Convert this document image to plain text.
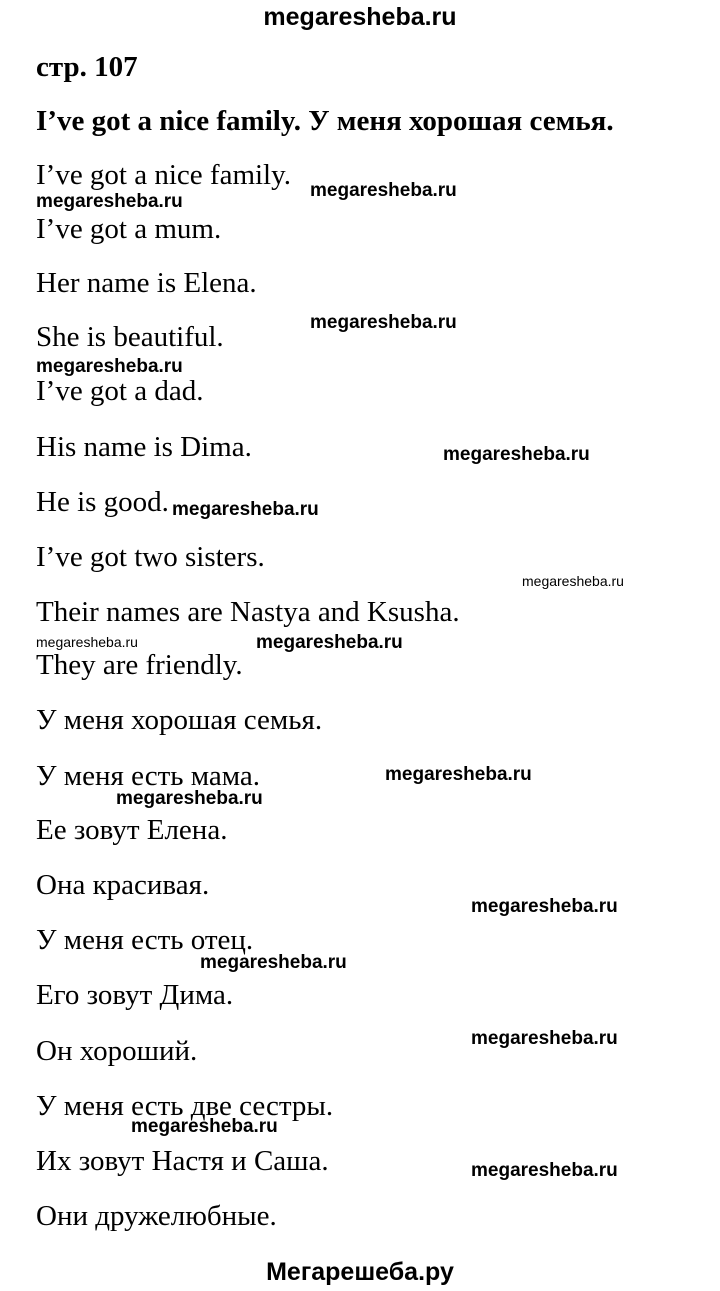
megaresheba.ru
стр. 107
I’ve got a nice family. У меня хорошая семья.
I’ve got a nice family.
I’ve got a mum.
Her name is Elena.
She is beautiful.
I’ve got a dad.
His name is Dima.
He is good.
I’ve got two sisters.
Their names are Nastya and Ksusha.
They are friendly.
У меня хорошая семья.
У меня есть мама.
Ее зовут Елена.
Она красивая.
У меня есть отец.
Его зовут Дима.
Он хороший.
У меня есть две сестры.
Их зовут Настя и Саша.
Они дружелюбные.
megaresheba.ru
megaresheba.ru
megaresheba.ru
megaresheba.ru
megaresheba.ru
megaresheba.ru
megaresheba.ru
megaresheba.ru	megaresheba.ru
megaresheba.ru
megaresheba.ru
megaresheba.ru
megaresheba.ru
megaresheba.ru
megaresheba.ru
megaresheba.ru
Мегарешеба.ру
